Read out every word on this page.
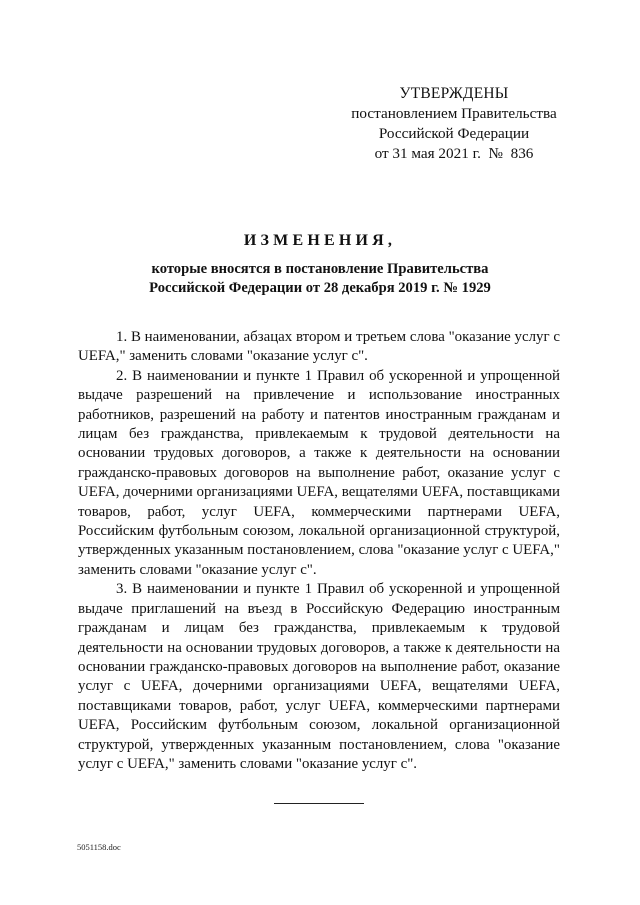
УТВЕРЖДЕНЫ
постановлением Правительства
Российской Федерации
от 31 мая 2021 г.  №  836
ИЗМЕНЕНИЯ,
которые вносятся в постановление Правительства
Российской Федерации от 28 декабря 2019 г. № 1929

1. В наименовании, абзацах втором и третьем слова "оказание услуг с UEFA," заменить словами "оказание услуг с".

2. В наименовании и пункте 1 Правил об ускоренной и упрощенной выдаче разрешений на привлечение и использование иностранных работников, разрешений на работу и патентов иностранным гражданам и лицам без гражданства, привлекаемым к трудовой деятельности на основании трудовых договоров, а также к деятельности на основании гражданско-правовых договоров на выполнение работ, оказание услуг с UEFA, дочерними организациями UEFA, вещателями UEFA, поставщиками товаров, работ, услуг UEFA, коммерческими партнерами UEFA, Российским футбольным союзом, локальной организационной структурой, утвержденных указанным постановлением, слова "оказание услуг с UEFA," заменить словами "оказание услуг с".

3. В наименовании и пункте 1 Правил об ускоренной и упрощенной выдаче приглашений на въезд в Российскую Федерацию иностранным гражданам и лицам без гражданства, привлекаемым к трудовой деятельности на основании трудовых договоров, а также к деятельности на основании гражданско-правовых договоров на выполнение работ, оказание услуг с UEFA, дочерними организациями UEFA, вещателями UEFA, поставщиками товаров, работ, услуг UEFA, коммерческими партнерами UEFA, Российским футбольным союзом, локальной организационной структурой, утвержденных указанным постановлением, слова "оказание услуг с UEFA," заменить словами "оказание услуг с".

5051158.doc
